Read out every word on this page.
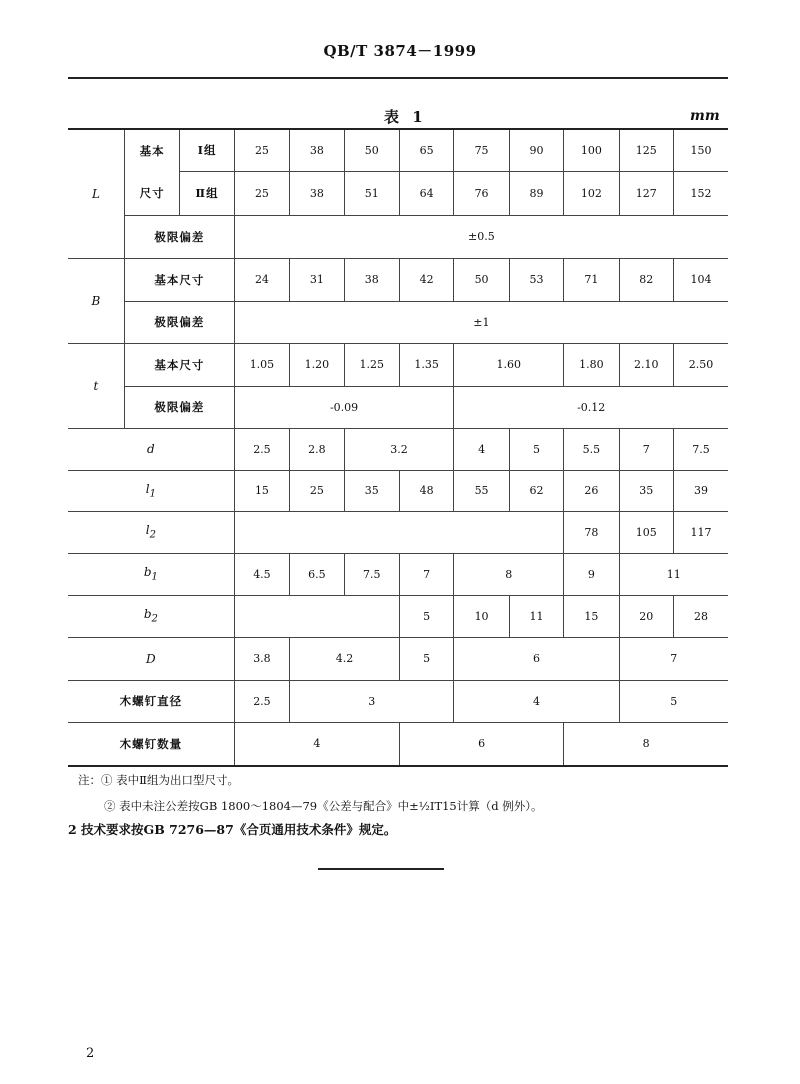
QB/T 3874－1999
表 1	mm
L	基本	Ⅰ组	25	38	50	65	75	90	100	125	150
	尺寸	Ⅱ组	25	38	51	64	76	89	102	127	152
	极限偏差		±0.5								
B	基本尺寸		24	31	38	42	50	53	71	82	104
	极限偏差		±1								
t	基本尺寸		1.05	1.20	1.25	1.35	1.60		1.80	2.10	2.50
	极限偏差		-0.09				-0.12				
d			2.5	2.8	3.2		4	5	5.5	7	7.5
$l_1$			15	25	35	48	55	62	26	35	39
$l_2$									78	105	117
$b_1$			4.5	6.5	7.5	7	8		9	11	
$b_2$						5	10	11	15	20	28
D			3.8	4.2		5	6			7	
木螺钉直径			2.5	3			4			5	
木螺钉数量			4			6			8		
注：① 表中Ⅱ组为出口型尺寸。
② 表中未注公差按GB 1800～1804—79《公差与配合》中±½IT15计算（d 例外）。
2 技术要求按GB 7276—87《合页通用技术条件》规定。
2
